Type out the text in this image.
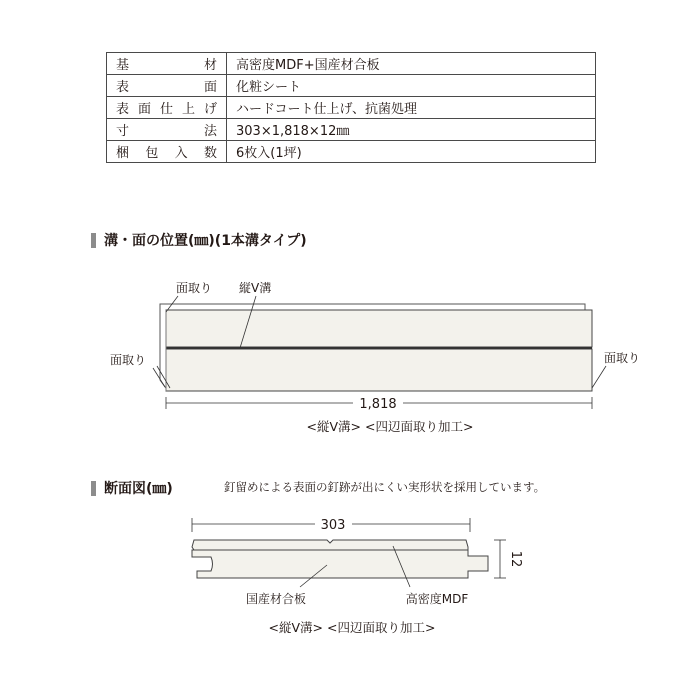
基材	高密度MDF+国産材合板
表面	化粧シート
表面仕上げ	ハードコート仕上げ、抗菌処理
寸法	303×1,818×12㎜
梱包入数	6枚入(1坪)
溝・面の位置(㎜)(1本溝タイプ)
断面図(㎜)	釘留めによる表面の釘跡が出にくい実形状を採用しています。
面取り 縦V溝
面取り	面取り
1,818
<縦V溝> <四辺面取り加工>
303
12
国産材合板	高密度MDF
<縦V溝> <四辺面取り加工>
